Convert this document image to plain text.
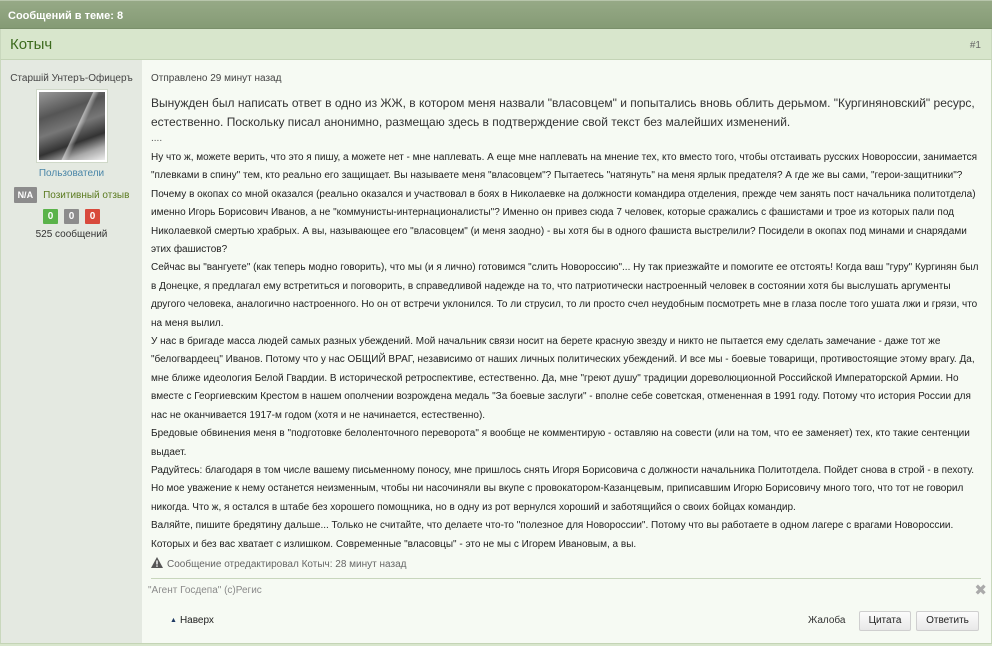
Сообщений в теме: 8
Котыч	#1
Старшій Унтеръ-Офицеръ
Пользователи
N/A	Позитивный отзыв
0	0	0
525 сообщений
Отправлено 29 минут назад
Вынужден был написать ответ в одно из ЖЖ, в котором меня назвали "власовцем" и попытались вновь облить дерьмом. "Кургиняновский" ресурс, естественно. Поскольку писал анонимно, размещаю здесь в подтверждение свой текст без малейших изменений.
....

Ну что ж, можете верить, что это я пишу, а можете нет - мне наплевать. А еще мне наплевать на мнение тех, кто вместо того, чтобы отстаивать русских Новороссии, занимается "плевками в спину" тем, кто реально его защищает. Вы называете меня "власовцем"? Пытаетесь "натянуть" на меня ярлык предателя? А где же вы сами, "герои-защитники"?

Почему в окопах со мной оказался (реально оказался и участвовал в боях в Николаевке на должности командира отделения, прежде чем занять пост начальника политотдела) именно Игорь Борисович Иванов, а не "коммунисты-интернационалисты"? Именно он привез сюда 7 человек, которые сражались с фашистами и трое из которых пали под Николаевкой смертью храбрых. А вы, называющее его "власовцем" (и меня заодно) - вы хотя бы в одного фашиста выстрелили? Посидели в окопах под минами и снарядами этих фашистов?

Сейчас вы "вангуете" (как теперь модно говорить), что мы (и я лично) готовимся "слить Новороссию"... Ну так приезжайте и помогите ее отстоять! Когда ваш "гуру" Кургинян был в Донецке, я предлагал ему встретиться и поговорить, в справедливой надежде на то, что патриотически настроенный человек в состоянии хотя бы выслушать аргументы другого человека, аналогично настроенного. Но он от встречи уклонился. То ли струсил, то ли просто счел неудобным посмотреть мне в глаза после того ушата лжи и грязи, что на меня вылил.

У нас в бригаде масса людей самых разных убеждений. Мой начальник связи носит на берете красную звезду и никто не пытается ему сделать замечание - даже тот же "белогвардеец" Иванов. Потому что у нас ОБЩИЙ ВРАГ, независимо от наших личных политических убеждений. И все мы - боевые товарищи, противостоящие этому врагу. Да, мне ближе идеология Белой Гвардии. В исторической ретроспективе, естественно. Да, мне "греют душу" традиции дореволюционной Российской Императорской Армии. Но вместе с Георгиевским Крестом в нашем ополчении возрождена медаль "За боевые заслуги" - вполне себе советская, отмененная в 1991 году. Потому что история России для нас не оканчивается 1917-м годом (хотя и не начинается, естественно).

Бредовые обвинения меня в "подготовке белоленточного переворота" я вообще не комментирую - оставляю на совести (или на том, что ее заменяет) тех, кто такие сентенции выдает.

Радуйтесь: благодаря в том числе вашему письменному поносу, мне пришлось снять Игоря Борисовича с должности начальника Политотдела. Пойдет снова в строй - в пехоту. Но мое уважение к нему останется неизменным, чтобы ни насочиняли вы вкупе с провокатором-Казанцевым, приписавшим Игорю Борисовичу много того, что тот не говорил никогда. Что ж, я остался в штабе без хорошего помощника, но в одну из рот вернулся хороший и заботящийся о своих бойцах командир.

Валяйте, пишите бредятину дальше... Только не считайте, что делаете что-то "полезное для Новороссии". Потому что вы работаете в одном лагере с врагами Новороссии. Которых и без вас хватает с излишком. Современные "власовцы" - это не мы с Игорем Ивановым, а вы.

Сообщение отредактировал Котыч: 28 минут назад
"Агент Госдепа" (с)Регис	✖
▲ Наверх	Жалоба	Цитата	Ответить
